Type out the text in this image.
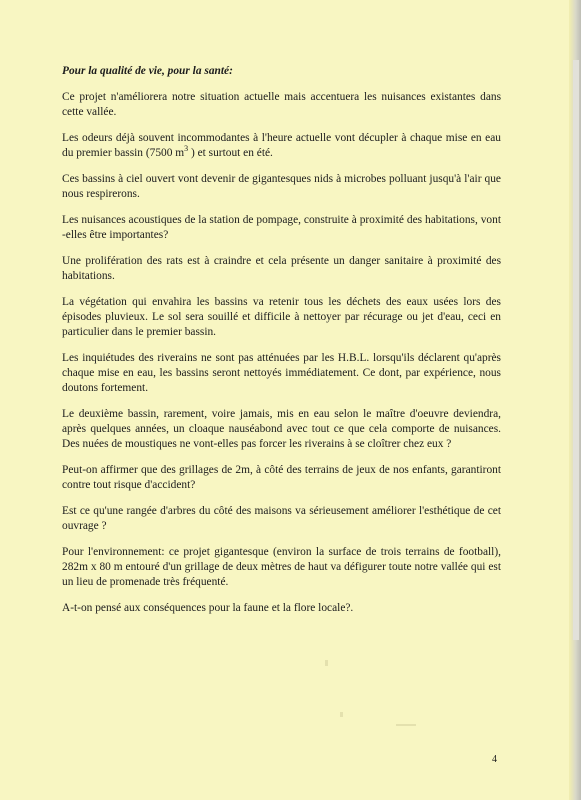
Pour la qualité de vie, pour la santé:

Ce projet n'améliorera notre situation actuelle mais accentuera les nuisances existantes dans cette vallée.

Les odeurs déjà souvent incommodantes à l'heure actuelle vont décupler à chaque mise en eau du premier bassin (7500 $m^3$ ) et surtout en été.

Ces bassins à ciel ouvert vont devenir de gigantesques nids à microbes polluant jusqu'à l'air que nous respirerons.

Les nuisances acoustiques de la station de pompage, construite à proximité des habitations, vont -elles être importantes?

Une prolifération des rats est à craindre et cela présente un danger sanitaire à proximité des habitations.

La végétation qui envahira les bassins va retenir tous les déchets des eaux usées lors des épisodes pluvieux. Le sol sera souillé et difficile à nettoyer par récurage ou jet d'eau, ceci en particulier dans le premier bassin.

Les inquiétudes des riverains ne sont pas atténuées par les H.B.L. lorsqu'ils déclarent qu'après chaque mise en eau, les bassins seront nettoyés immédiatement. Ce dont, par expérience, nous doutons fortement.

Le deuxième bassin, rarement, voire jamais, mis en eau selon le maître d'oeuvre deviendra, après quelques années, un cloaque nauséabond avec tout ce que cela comporte de nuisances. Des nuées de moustiques ne vont-elles pas forcer les riverains à se cloîtrer chez eux ?

Peut-on affirmer que des grillages de 2m, à côté des terrains de jeux de nos enfants, garantiront contre tout risque d'accident?

Est ce qu'une rangée d'arbres du côté des maisons va sérieusement améliorer l'esthétique de cet ouvrage ?

Pour l'environnement: ce projet gigantesque (environ la surface de trois terrains de football), 282m x 80 m entouré d'un grillage de deux mètres de haut va défigurer toute notre vallée qui est un lieu de promenade très fréquenté.

A-t-on pensé aux conséquences pour la faune et la flore locale?.

4
